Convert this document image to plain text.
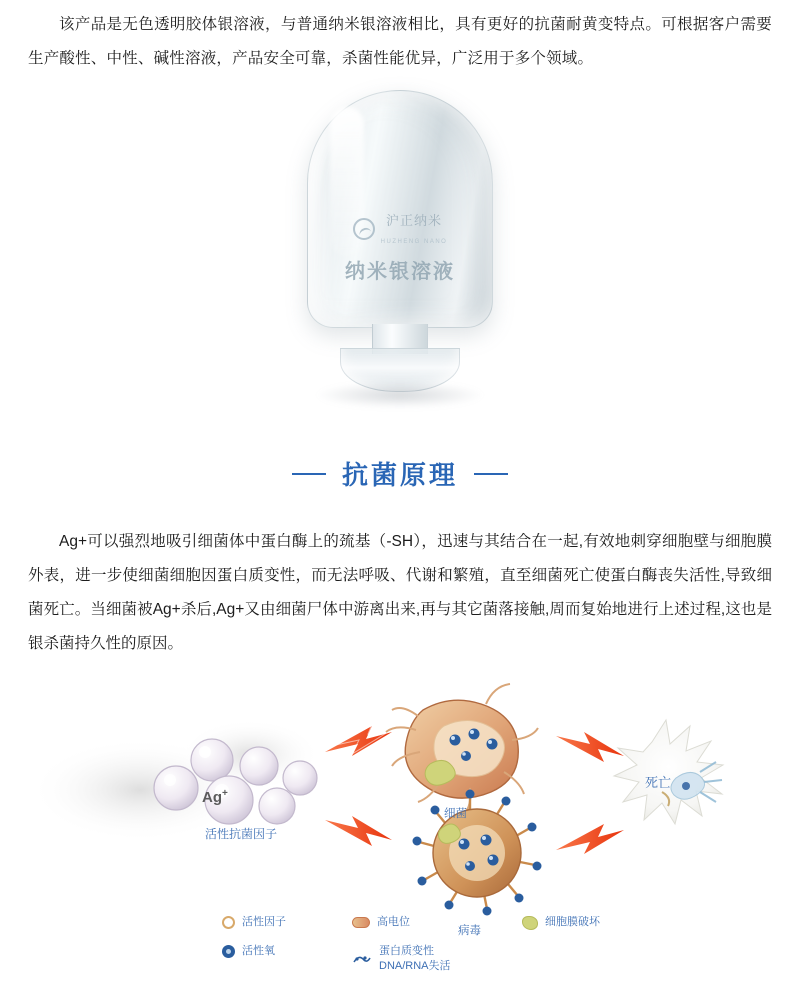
该产品是无色透明胶体银溶液，与普通纳米银溶液相比，具有更好的抗菌耐黄变特点。可根据客户需要生产酸性、中性、碱性溶液，产品安全可靠，杀菌性能优异，广泛用于多个领域。
沪正纳米
HUZHENG NANO
纳米银溶液
抗菌原理
Ag+可以强烈地吸引细菌体中蛋白酶上的巯基（-SH），迅速与其结合在一起,有效地刺穿细胞壁与细胞膜外表，进一步使细菌细胞因蛋白质变性，而无法呼吸、代谢和繁殖，直至细菌死亡使蛋白酶丧失活性,导致细菌死亡。当细菌被Ag+杀后,Ag+又由细菌尸体中游离出来,再与其它菌落接触,周而复始地进行上述过程,这也是银杀菌持久性的原因。
细菌
病毒
死亡
活性抗菌因子
Ag+
活性因子	高电位	细胞膜破坏
活性氧	蛋白质变性
DNA/RNA失活
